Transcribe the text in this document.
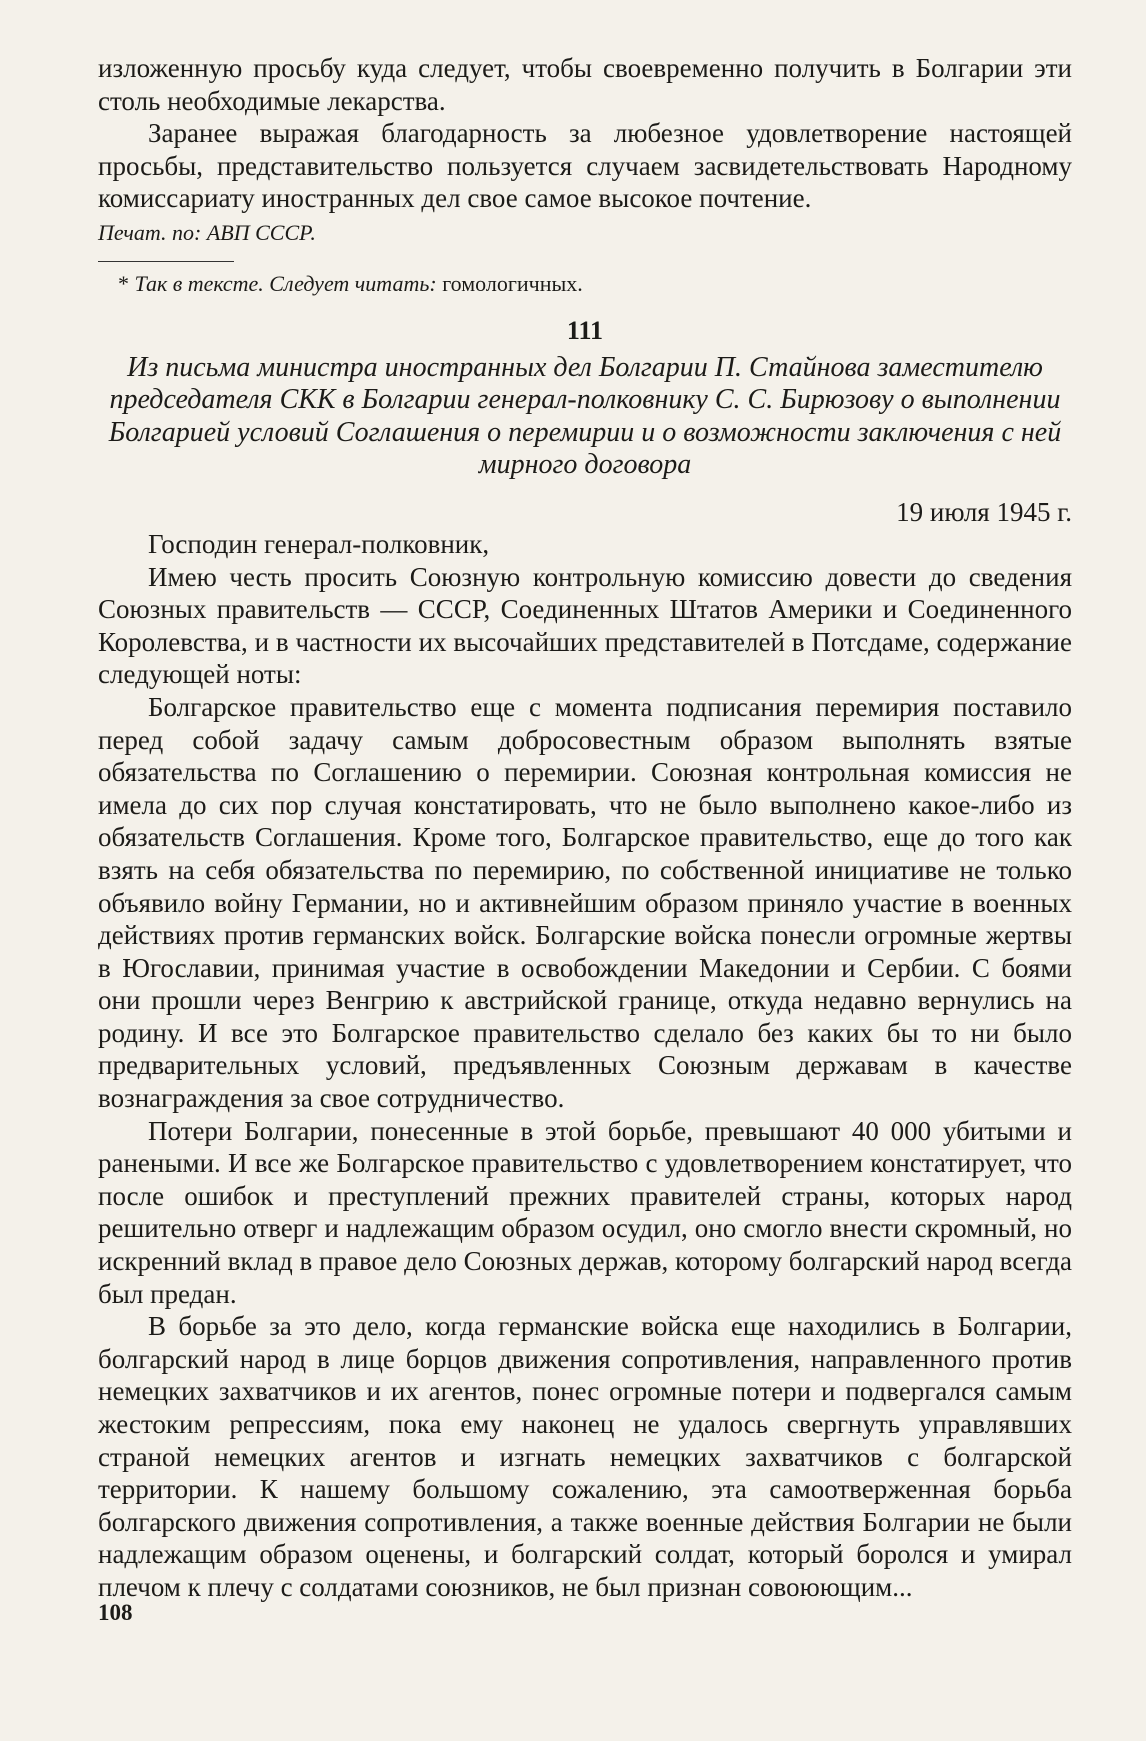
изложенную просьбу куда следует, чтобы своевременно получить в Болгарии эти столь необходимые лекарства.

Заранее выражая благодарность за любезное удовлетворение настоящей просьбы, представительство пользуется случаем засвидетельствовать Народному комиссариату иностранных дел свое самое высокое почтение.

Печат. по: АВП СССР.

* Так в тексте. Следует читать: гомологичных.

111
Из письма министра иностранных дел Болгарии П. Стайнова заместителю председателя СКК в Болгарии генерал-полковнику С. С. Бирюзову о выполнении Болгарией условий Соглашения о перемирии и о возможности заключения с ней мирного договора
19 июля 1945 г.

Господин генерал-полковник,

Имею честь просить Союзную контрольную комиссию довести до сведения Союзных правительств — СССР, Соединенных Штатов Америки и Соединенного Королевства, и в частности их высочайших представителей в Потсдаме, содержание следующей ноты:

Болгарское правительство еще с момента подписания перемирия поставило перед собой задачу самым добросовестным образом выполнять взятые обязательства по Соглашению о перемирии. Союзная контрольная комиссия не имела до сих пор случая констатировать, что не было выполнено какое-либо из обязательств Соглашения. Кроме того, Болгарское правительство, еще до того как взять на себя обязательства по перемирию, по собственной инициативе не только объявило войну Германии, но и активнейшим образом приняло участие в военных действиях против германских войск. Болгарские войска понесли огромные жертвы в Югославии, принимая участие в освобождении Македонии и Сербии. С боями они прошли через Венгрию к австрийской границе, откуда недавно вернулись на родину. И все это Болгарское правительство сделало без каких бы то ни было предварительных условий, предъявленных Союзным державам в качестве вознаграждения за свое сотрудничество.

Потери Болгарии, понесенные в этой борьбе, превышают 40 000 убитыми и ранеными. И все же Болгарское правительство с удовлетворением констатирует, что после ошибок и преступлений прежних правителей страны, которых народ решительно отверг и надлежащим образом осудил, оно смогло внести скромный, но искренний вклад в правое дело Союзных держав, которому болгарский народ всегда был предан.

В борьбе за это дело, когда германские войска еще находились в Болгарии, болгарский народ в лице борцов движения сопротивления, направленного против немецких захватчиков и их агентов, понес огромные потери и подвергался самым жестоким репрессиям, пока ему наконец не удалось свергнуть управлявших страной немецких агентов и изгнать немецких захватчиков с болгарской территории. К нашему большому сожалению, эта самоотверженная борьба болгарского движения сопротивления, а также военные действия Болгарии не были надлежащим образом оценены, и болгарский солдат, который боролся и умирал плечом к плечу с солдатами союзников, не был признан совоюющим...

108
